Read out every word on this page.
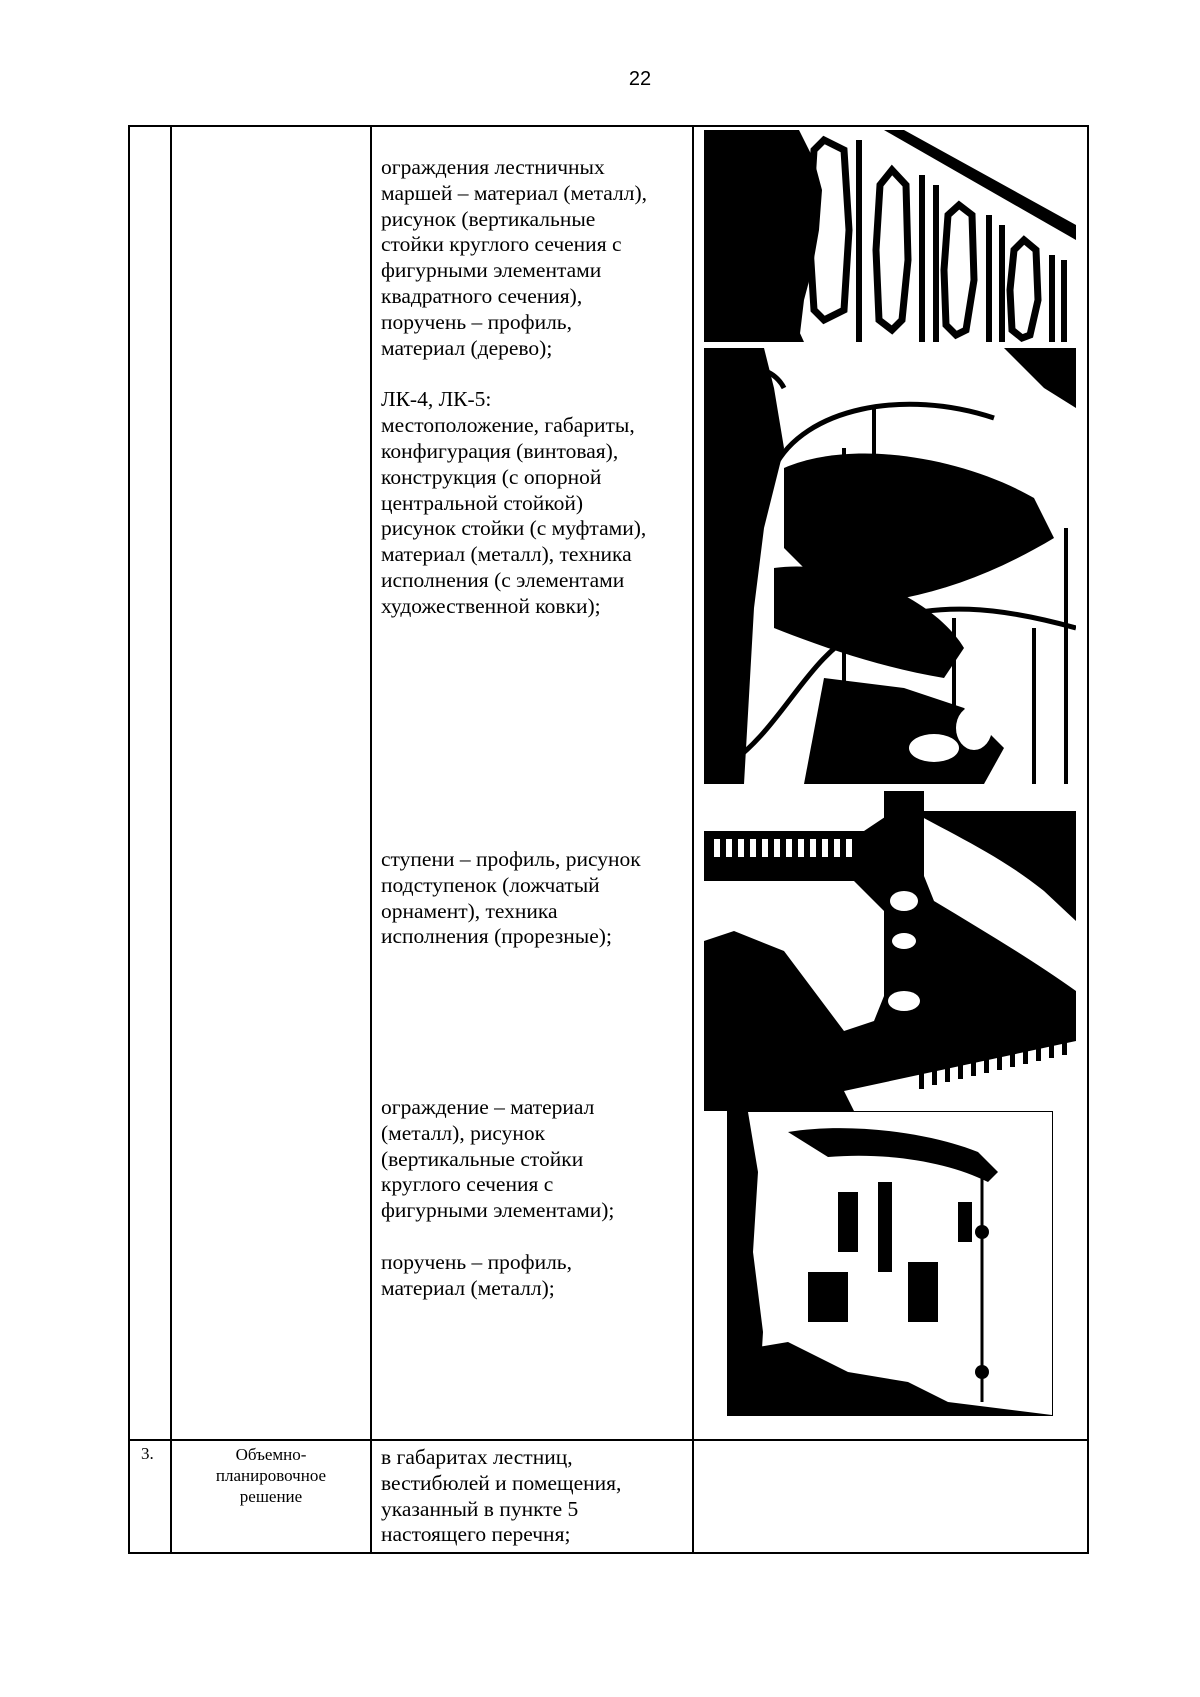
22
ограждения лестничных
маршей – материал (металл),
рисунок (вертикальные
стойки круглого сечения с
фигурными элементами
квадратного сечения),
поручень – профиль,
материал (дерево);
ЛК-4, ЛК-5:
местоположение, габариты,
конфигурация (винтовая),
конструкция (с опорной
центральной стойкой)
рисунок стойки (с муфтами),
материал (металл), техника
исполнения (с элементами
художественной ковки);
ступени – профиль, рисунок
подступенок (ложчатый
орнамент), техника
исполнения (прорезные);
ограждение – материал
(металл), рисунок
(вертикальные стойки
круглого сечения с
фигурными элементами);
поручень – профиль,
материал (металл);
3.	Объемно-
планировочное
решение
в габаритах лестниц,
вестибюлей и помещения,
указанный в пункте 5
настоящего перечня;
